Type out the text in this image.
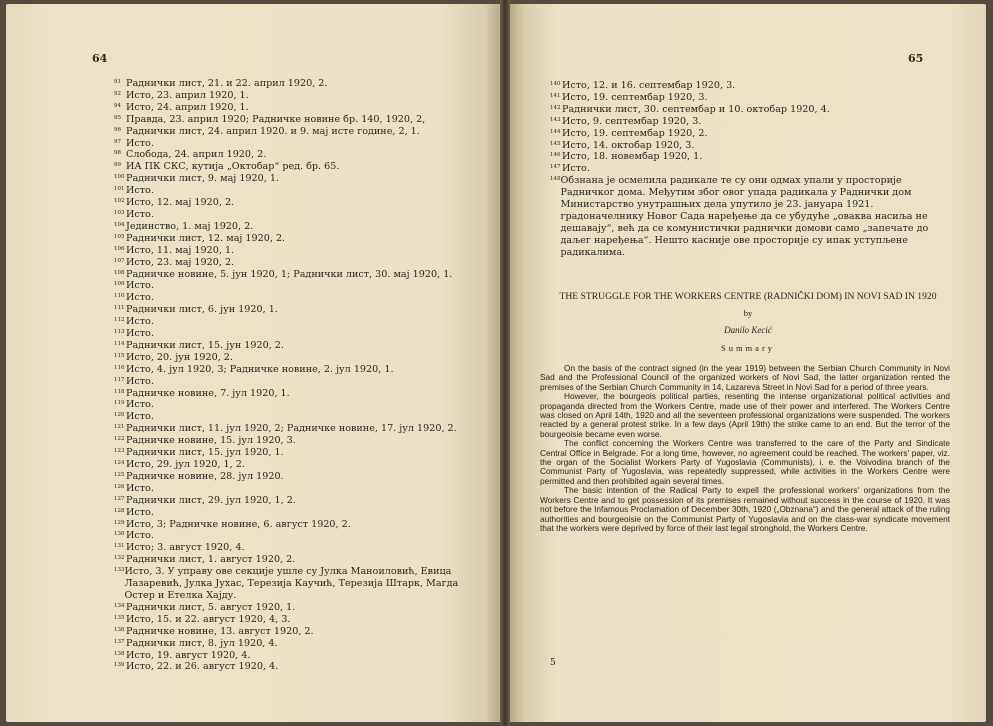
64
91 Раднички лист, 21. и 22. април 1920, 2.
92 Исто, 23. април 1920, 1.
94 Исто, 24. април 1920, 1.
95 Правда, 23. април 1920; Радничке новине бр. 140, 1920, 2,
96 Раднички лист, 24. април 1920. и 9. мај исте године, 2, 1.
97 Исто.
98 Слобода, 24. април 1920, 2.
99 ИА ПК СКС, кутија „Октобар“ ред. бр. 65.
100 Раднички лист, 9. мај 1920, 1.
101 Исто.
102 Исто, 12. мај 1920, 2.
103 Исто.
104 Јединство, 1. мај 1920, 2.
105 Раднички лист, 12. мај 1920, 2.
106 Исто, 11. мај 1920, 1.
107 Исто, 23. мај 1920, 2.
108 Радничке новине, 5. јун 1920, 1; Раднички лист, 30. мај 1920, 1.
109 Исто.
110 Исто.
111 Раднички лист, 6. јун 1920, 1.
112 Исто.
113 Исто.
114 Раднички лист, 15. јун 1920, 2.
115 Исто, 20. јун 1920, 2.
116 Исто, 4. јул 1920, 3; Радничке новине, 2. јул 1920, 1.
117 Исто.
118 Радничке новине, 7. јул 1920, 1.
119 Исто.
120 Исто.
121 Раднички лист, 11. јул 1920, 2; Радничке новине, 17. јул 1920, 2.
122 Радничке новине, 15. јул 1920, 3.
123 Раднички лист, 15. јул 1920, 1.
124 Исто, 29. јул 1920, 1, 2.
125 Радничке новине, 28. јул 1920.
126 Исто.
127 Раднички лист, 29. јул 1920, 1, 2.
128 Исто.
129 Исто, 3; Радничке новине, 6. август 1920, 2.
130 Исто.
131 Исто; 3. август 1920, 4.
132 Раднички лист, 1. август 1920, 2.
133 Исто, 3. У управу ове секције ушле су Јулка Маноиловић, Евица Лазаревић, Јулка Јухас, Терезија Каучић, Терезија Штарк, Магда Остер и Етелка Хајду.
134 Раднички лист, 5. август 1920, 1.
135 Исто, 15. и 22. август 1920, 4, 3.
136 Радничке новине, 13. август 1920, 2.
137 Раднички лист, 8. јул 1920, 4.
138 Исто, 19. август 1920, 4.
139 Исто, 22. и 26. август 1920, 4.
65
140 Исто, 12. и 16. септембар 1920, 3.
141 Исто, 19. септембар 1920, 3.
142 Раднички лист, 30. септембар и 10. октобар 1920, 4.
143 Исто, 9. септембар 1920, 3.
144 Исто, 19. септембар 1920, 2.
145 Исто, 14. октобар 1920, 3.
146 Исто, 18. новембар 1920, 1.
147 Исто.
148 Обзнана је осмелила радикале те су они одмах упали у просторије Радничког дома. Међутим због овог упада радикала у Раднички дом Министарство унутрашњих дела упутило је 23. јануара 1921. градоначелнику Новог Сада наређење да се убудуће „оваква насиља не дешавају“, већ да се комунистички раднички домови само „запечате до даљег наређења“. Нешто касније ове просторије су ипак уступљене радикалима.
THE STRUGGLE FOR THE WORKERS CENTRE (RADNIČKI DOM) IN NOVI SAD IN 1920
by
Danilo Kecić
Summary

On the basis of the contract signed (in the year 1919) between the Serbian Church Community in Novi Sad and the Professional Council of the organized workers of Novi Sad, the latter organization rented the premises of the Serbian Church Community in 14, Lazareva Street in Novi Sad for a period of three years.

However, the bourgeois political parties, resenting the intense organizational political activities and propaganda directed from the Workers Centre, made use of their power and interfered. The Workers Centre was closed on April 14th, 1920 and all the seventeen professional organizations were suspended. The workers reacted by a general protest strike. In a few days (April 19th) the strike came to an end. But the terror of the bourgeoisie became even worse.

The conflict concerning the Workers Centre was transferred to the care of the Party and Sindicate Central Office in Belgrade. For a long time, however, no agreement could be reached. The workers' paper, viz. the organ of the Socialist Workers Party of Yugoslavia (Communists), i. e. the Voivodina branch of the Communist Party of Yugoslavia, was repeatedly suppressed, while activities in the Workers Centre were permitted and then prohibited again several times.

The basic intention of the Radical Party to expell the professional workers' organizations from the Workers Centre and to get possession of its premises remained without success in the course of 1920. It was not before the Infamous Proclamation of December 30th, 1920 („Obznana“) and the general attack of the ruling authorities and bourgeoisie on the Communist Party of Yugoslavia and on the class-war syndicate movement that the workers were deprived by force of their last legal stronghold, the Workers Centre.

5
